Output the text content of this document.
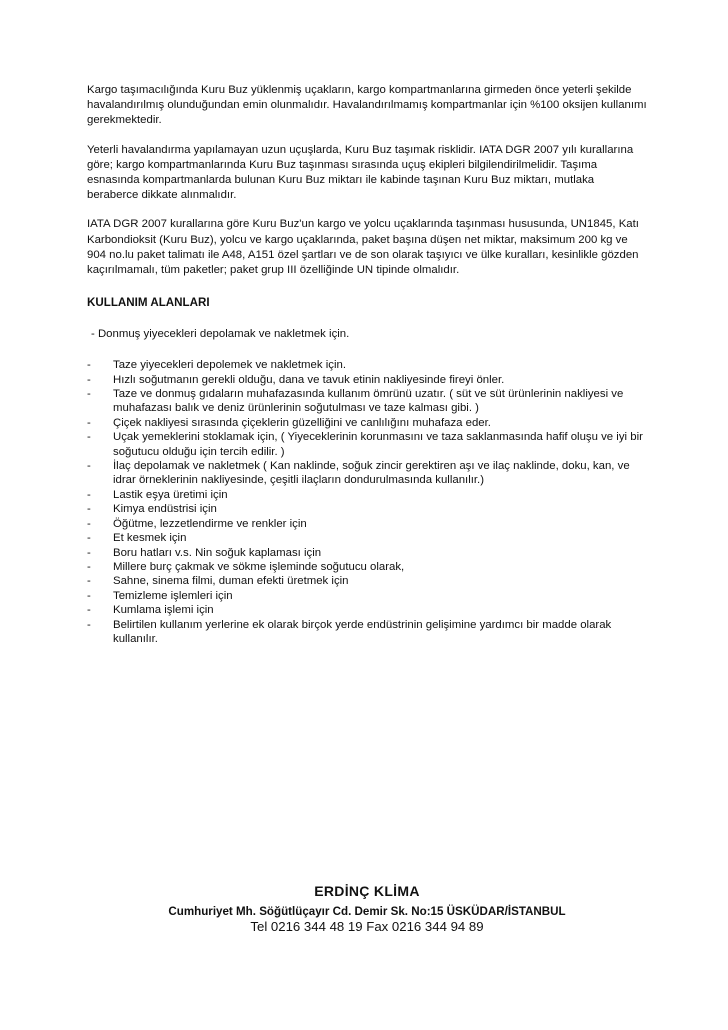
Kargo taşımacılığında Kuru Buz yüklenmiş uçakların, kargo kompartmanlarına girmeden önce yeterli şekilde havalandırılmış olunduğundan emin olunmalıdır. Havalandırılmamış kompartmanlar için %100 oksijen kullanımı gerekmektedir.

Yeterli havalandırma yapılamayan uzun uçuşlarda, Kuru Buz taşımak risklidir. IATA DGR 2007 yılı kurallarına göre; kargo kompartmanlarında Kuru Buz taşınması sırasında uçuş ekipleri bilgilendirilmelidir. Taşıma esnasında kompartmanlarda bulunan Kuru Buz miktarı ile kabinde taşınan Kuru Buz miktarı, mutlaka beraberce dikkate alınmalıdır.

IATA DGR 2007 kurallarına göre Kuru Buz'un kargo ve yolcu uçaklarında taşınması hususunda, UN1845, Katı Karbondioksit (Kuru Buz), yolcu ve kargo uçaklarında, paket başına düşen net miktar, maksimum 200 kg ve 904 no.lu paket talimatı ile A48, A151 özel şartları ve de son olarak taşıyıcı ve ülke kuralları, kesinlikle gözden kaçırılmamalı, tüm paketler; paket grup III özelliğinde UN tipinde olmalıdır.

KULLANIM ALANLARI
- Donmuş yiyecekleri depolamak ve nakletmek için.
-	Taze yiyecekleri depolemek ve nakletmek için.
-	Hızlı soğutmanın gerekli olduğu, dana ve tavuk etinin nakliyesinde fireyi önler.
-	Taze ve donmuş gıdaların muhafazasında kullanım ömrünü uzatır. ( süt ve süt ürünlerinin nakliyesi ve muhafazası balık ve deniz ürünlerinin soğutulması ve taze kalması gibi. )
-	Çiçek nakliyesi sırasında çiçeklerin güzelliğini ve canlılığını muhafaza eder.
-	Uçak yemeklerini stoklamak için, ( Yiyeceklerinin korunmasını ve taza saklanmasında hafif oluşu ve iyi bir soğutucu olduğu için tercih edilir. )
-	İlaç depolamak ve nakletmek ( Kan naklinde, soğuk zincir gerektiren aşı ve ilaç naklinde, doku, kan, ve idrar örneklerinin nakliyesinde, çeşitli ilaçların dondurulmasında kullanılır.)
-	Lastik eşya üretimi için
-	Kimya endüstrisi için
-	Öğütme, lezzetlendirme ve renkler için
-	Et kesmek için
-	Boru hatları v.s. Nin soğuk kaplaması için
-	Millere burç çakmak ve sökme işleminde soğutucu olarak,
-	Sahne, sinema filmi, duman efekti üretmek için
-	Temizleme işlemleri için
-	Kumlama işlemi için
-	Belirtilen kullanım yerlerine ek olarak birçok yerde endüstrinin gelişimine yardımcı bir madde olarak kullanılır.
ERDİNÇ KLİMA
Cumhuriyet Mh. Söğütlüçayır Cd. Demir Sk. No:15 ÜSKÜDAR/İSTANBUL
Tel 0216 344 48 19 Fax 0216 344 94 89
